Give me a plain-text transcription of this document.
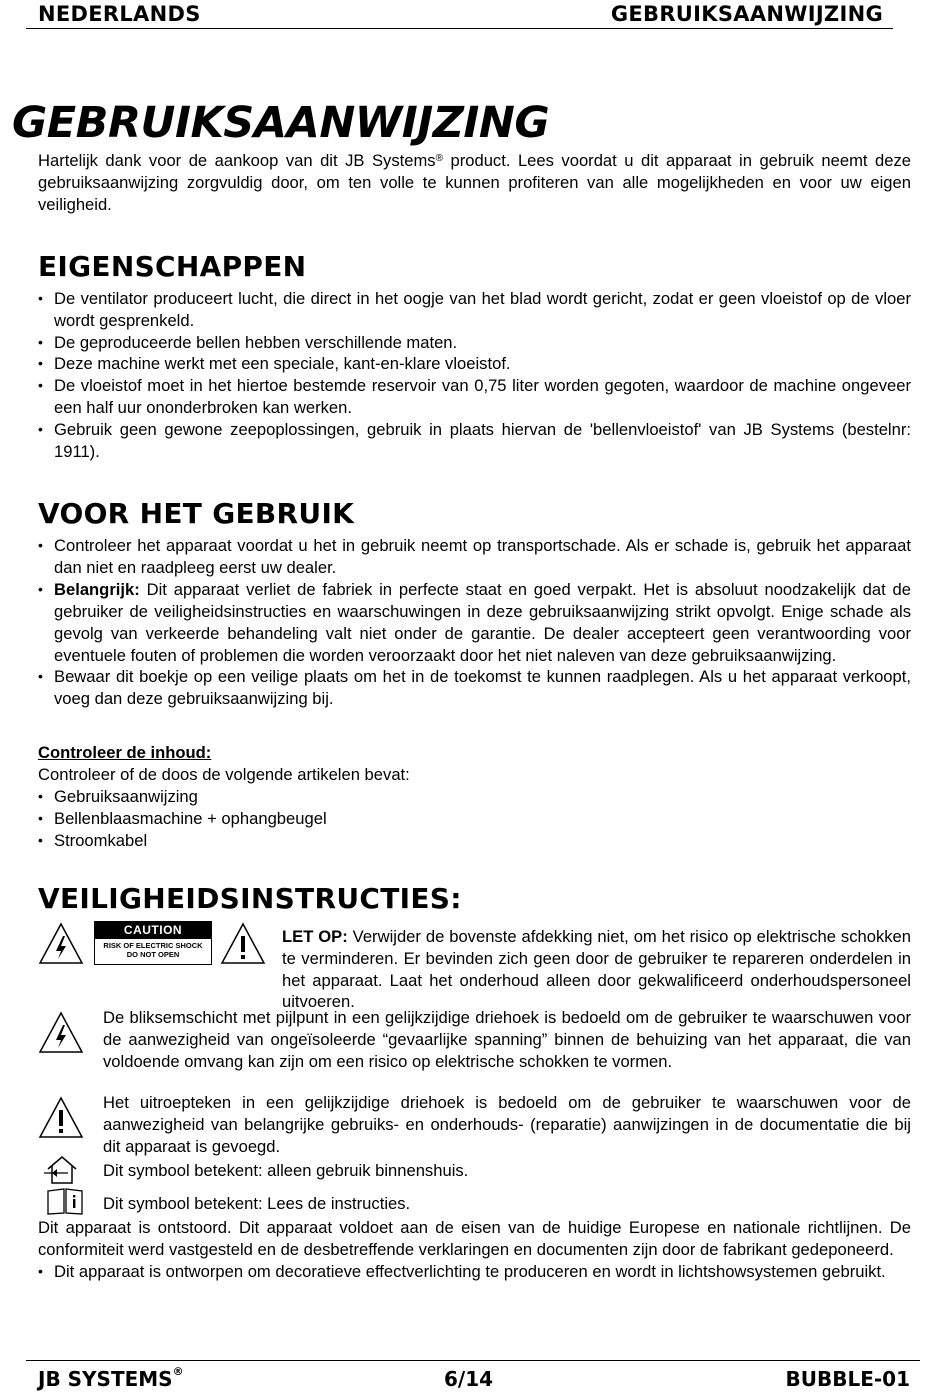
NEDERLANDS	GEBRUIKSAANWIJZING
GEBRUIKSAANWIJZING

Hartelijk dank voor de aankoop van dit JB Systems® product. Lees voordat u dit apparaat in gebruik neemt deze gebruiksaanwijzing zorgvuldig door, om ten volle te kunnen profiteren van alle mogelijkheden en voor uw eigen veiligheid.

EIGENSCHAPPEN
• De ventilator produceert lucht, die direct in het oogje van het blad wordt gericht, zodat er geen vloeistof op de vloer wordt gesprenkeld.
• De geproduceerde bellen hebben verschillende maten.
• Deze machine werkt met een speciale, kant-en-klare vloeistof.
• De vloeistof moet in het hiertoe bestemde reservoir van 0,75 liter worden gegoten, waardoor de machine ongeveer een half uur ononderbroken kan werken.
• Gebruik geen gewone zeepoplossingen, gebruik in plaats hiervan de 'bellenvloeistof' van JB Systems (bestelnr: 1911).
VOOR HET GEBRUIK
• Controleer het apparaat voordat u het in gebruik neemt op transportschade. Als er schade is, gebruik het apparaat dan niet en raadpleeg eerst uw dealer.
• Belangrijk: Dit apparaat verliet de fabriek in perfecte staat en goed verpakt. Het is absoluut noodzakelijk dat de gebruiker de veiligheidsinstructies en waarschuwingen in deze gebruiksaanwijzing strikt opvolgt. Enige schade als gevolg van verkeerde behandeling valt niet onder de garantie. De dealer accepteert geen verantwoording voor eventuele fouten of problemen die worden veroorzaakt door het niet naleven van deze gebruiksaanwijzing.
• Bewaar dit boekje op een veilige plaats om het in de toekomst te kunnen raadplegen. Als u het apparaat verkoopt, voeg dan deze gebruiksaanwijzing bij.

Controleer de inhoud:

Controleer of de doos de volgende artikelen bevat:

• Gebruiksaanwijzing
• Bellenblaasmachine + ophangbeugel
• Stroomkabel
VEILIGHEIDSINSTRUCTIES:
CAUTION
RISK OF ELECTRIC SHOCK
DO NOT OPEN

LET OP: Verwijder de bovenste afdekking niet, om het risico op elektrische schokken te verminderen. Er bevinden zich geen door de gebruiker te repareren onderdelen in het apparaat. Laat het onderhoud alleen door gekwalificeerd onderhoudspersoneel uitvoeren.

De bliksemschicht met pijlpunt in een gelijkzijdige driehoek is bedoeld om de gebruiker te waarschuwen voor de aanwezigheid van ongeïsoleerde “gevaarlijke spanning” binnen de behuizing van het apparaat, die van voldoende omvang kan zijn om een risico op elektrische schokken te vormen.

Het uitroepteken in een gelijkzijdige driehoek is bedoeld om de gebruiker te waarschuwen voor de aanwezigheid van belangrijke gebruiks- en onderhouds- (reparatie) aanwijzingen in de documentatie die bij dit apparaat is gevoegd.

Dit symbool betekent: alleen gebruik binnenshuis.

Dit symbool betekent: Lees de instructies.

Dit apparaat is ontstoord. Dit apparaat voldoet aan de eisen van de huidige Europese en nationale richtlijnen. De conformiteit werd vastgesteld en de desbetreffende verklaringen en documenten zijn door de fabrikant gedeponeerd.

• Dit apparaat is ontworpen om decoratieve effectverlichting te produceren en wordt in lichtshowsystemen gebruikt.
JB SYSTEMS®	6/14	BUBBLE-01
